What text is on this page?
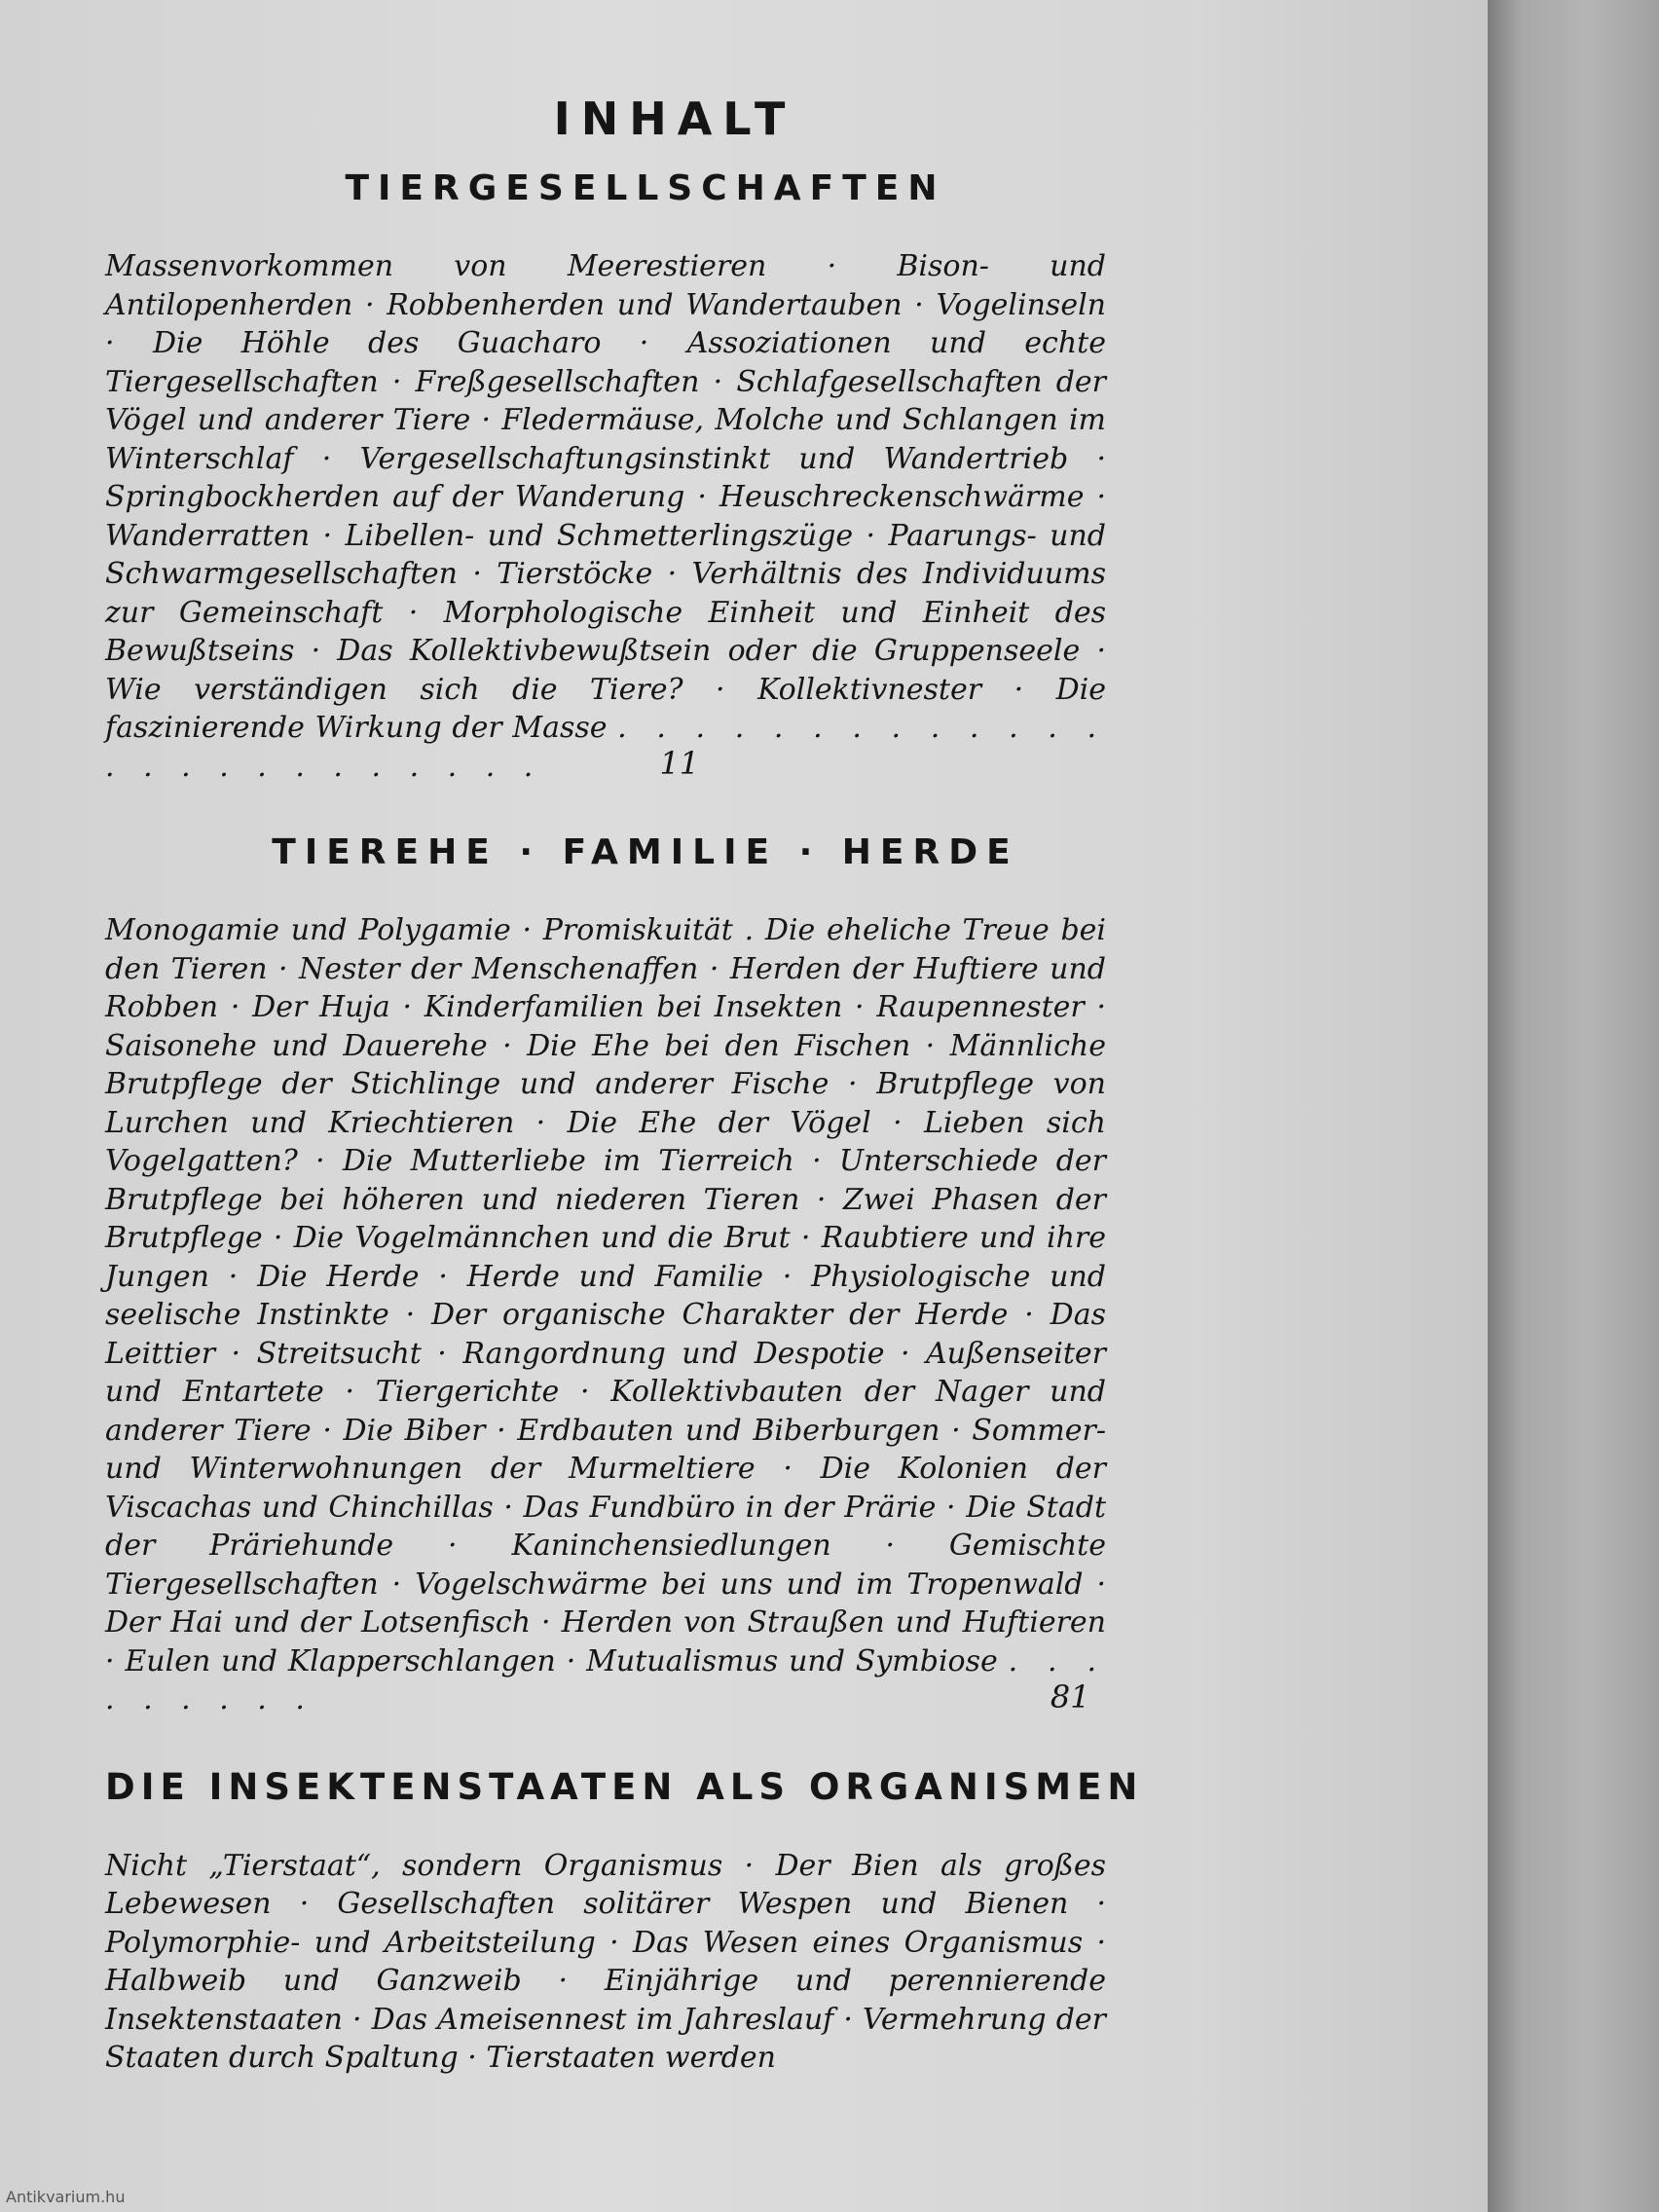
INHALT
TIERGESELLSCHAFTEN

Massenvorkommen von Meerestieren · Bison- und Antilopenherden · Robbenherden und Wandertauben · Vogelinseln · Die Höhle des Guacharo · Assoziationen und echte Tiergesellschaften · Freßgesellschaften · Schlafgesellschaften der Vögel und anderer Tiere · Fledermäuse, Molche und Schlangen im Winterschlaf · Vergesellschaftungsinstinkt und Wandertrieb · Springbockherden auf der Wanderung · Heuschreckenschwärme · Wanderratten · Libellen- und Schmetterlingszüge · Paarungs- und Schwarmgesellschaften · Tierstöcke · Verhältnis des Individuums zur Gemeinschaft · Morphologische Einheit und Einheit des Bewußtseins · Das Kollektivbewußtsein oder die Gruppenseele · Wie verständigen sich die Tiere? · Kollektivnester · Die faszinierende Wirkung der Masse . . . . . . . . . . . . . . . . . . . . . . . . .	11

TIEREHE · FAMILIE · HERDE

Monogamie und Polygamie · Promiskuität . Die eheliche Treue bei den Tieren · Nester der Menschenaffen · Herden der Huftiere und Robben · Der Huja · Kinderfamilien bei Insekten · Raupennester · Saisonehe und Dauerehe · Die Ehe bei den Fischen · Männliche Brutpflege der Stichlinge und anderer Fische · Brutpflege von Lurchen und Kriechtieren · Die Ehe der Vögel · Lieben sich Vogelgatten? · Die Mutterliebe im Tierreich · Unterschiede der Brutpflege bei höheren und niederen Tieren · Zwei Phasen der Brutpflege · Die Vogelmännchen und die Brut · Raubtiere und ihre Jungen · Die Herde · Herde und Familie · Physiologische und seelische Instinkte · Der organische Charakter der Herde · Das Leittier · Streitsucht · Rangordnung und Despotie · Außenseiter und Entartete · Tiergerichte · Kollektivbauten der Nager und anderer Tiere · Die Biber · Erdbauten und Biberburgen · Sommer- und Winterwohnungen der Murmeltiere · Die Kolonien der Viscachas und Chinchillas · Das Fundbüro in der Prärie · Die Stadt der Präriehunde · Kaninchensiedlungen · Gemischte Tiergesellschaften · Vogelschwärme bei uns und im Tropenwald · Der Hai und der Lotsenfisch · Herden von Straußen und Huftieren · Eulen und Klapperschlangen · Mutualismus und Symbiose . . . . . . . . .	81

DIE INSEKTENSTAATEN ALS ORGANISMEN

Nicht „Tierstaat“, sondern Organismus · Der Bien als großes Lebewesen · Gesellschaften solitärer Wespen und Bienen · Polymorphie- und Arbeitsteilung · Das Wesen eines Organismus · Halbweib und Ganzweib · Einjährige und perennierende Insektenstaaten · Das Ameisennest im Jahreslauf · Vermehrung der Staaten durch Spaltung · Tierstaaten werden

Antikvarium.hu
